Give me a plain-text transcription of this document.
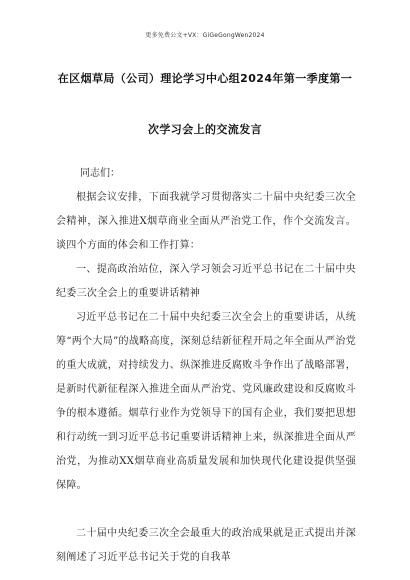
更多免费公文+VX：GiGeGongWen2024
在区烟草局（公司）理论学习中心组2024年第一季度第一
次学习会上的交流发言
同志们：

根据会议安排，下面我就学习贯彻落实二十届中央纪委三次全会精神，深入推进X烟草商业全面从严治党工作，作个交流发言。谈四个方面的体会和工作打算：

一、提高政治站位，深入学习领会习近平总书记在二十届中央纪委三次全会上的重要讲话精神

习近平总书记在二十届中央纪委三次全会上的重要讲话，从统筹“两个大局”的战略高度，深刻总结新征程开局之年全面从严治党的重大成就，对持续发力、纵深推进反腐败斗争作出了战略部署，是新时代新征程深入推进全面从严治党、党风廉政建设和反腐败斗争的根本遵循。烟草行业作为党领导下的国有企业，我们要把思想和行动统一到习近平总书记重要讲话精神上来，纵深推进全面从严治党，为推动XX烟草商业高质量发展和加快现代化建设提供坚强保障。

二十届中央纪委三次全会最重大的政治成果就是正式提出并深刻阐述了习近平总书记关于党的自我革
